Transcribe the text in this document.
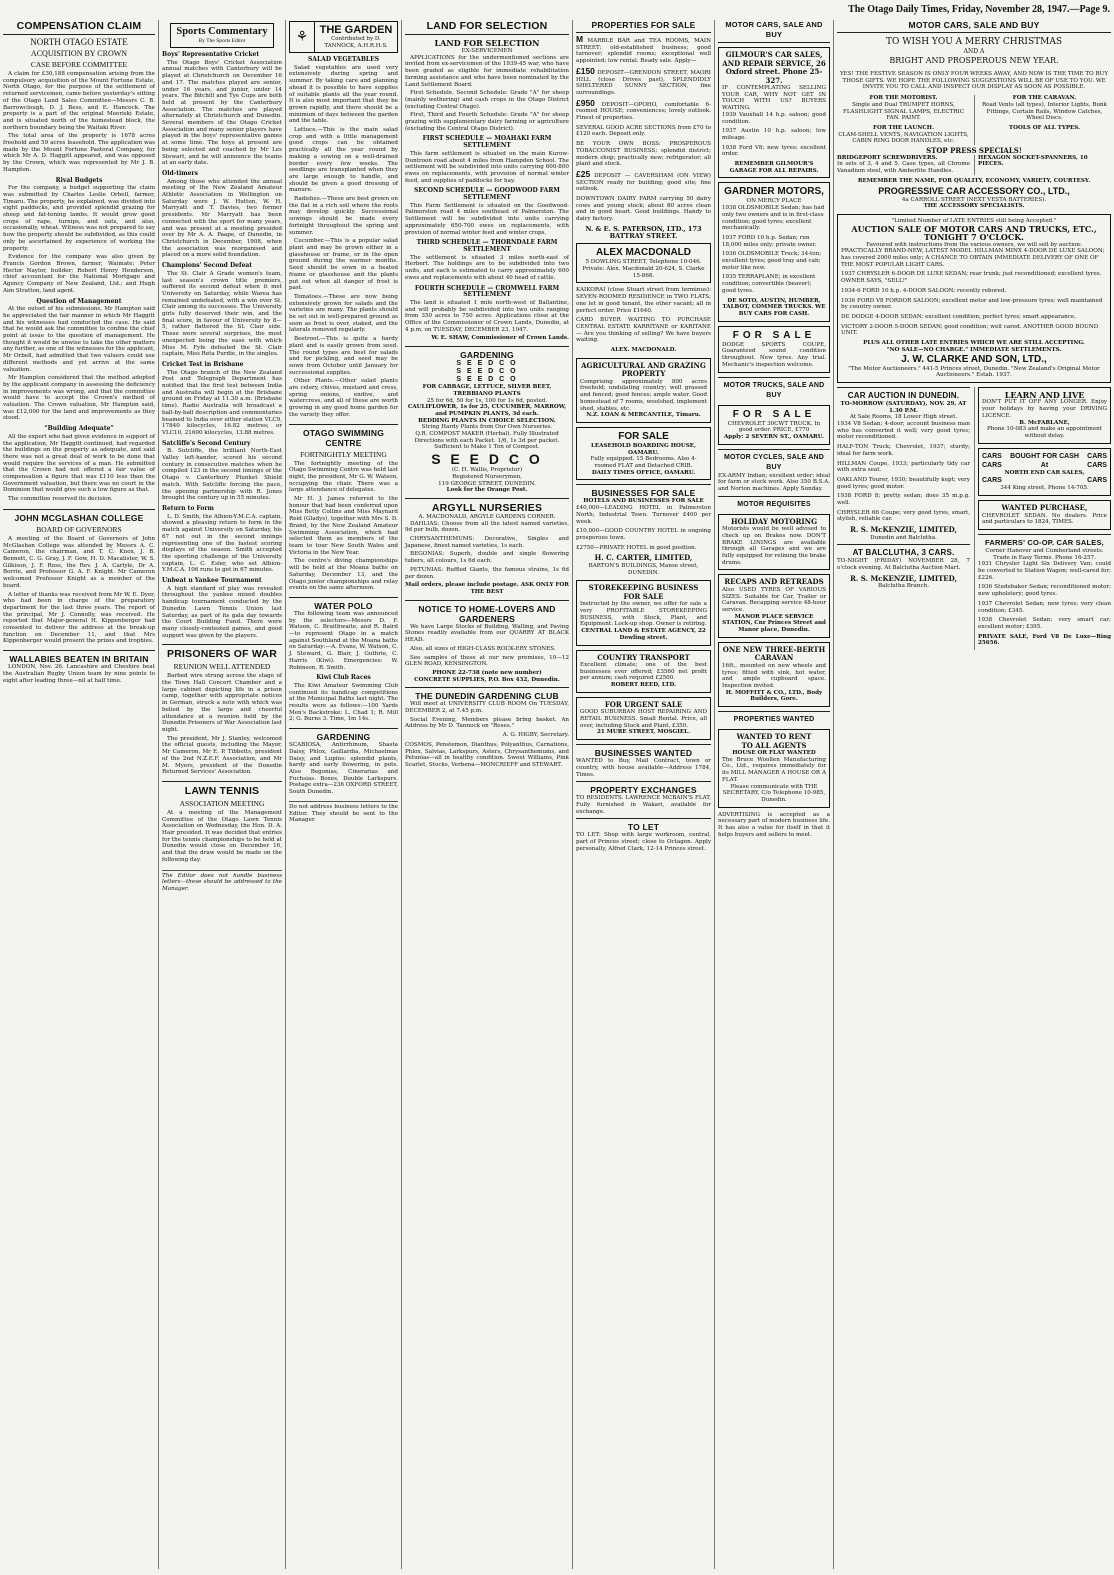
The Otago Daily Times, Friday, November 28, 1947.—Page 9.
COMPENSATION CLAIM
NORTH OTAGO ESTATE
ACQUISITION BY CROWN
CASE BEFORE COMMITTEE

A claim for £30,188 compensation arising from the compulsory acquisition of the Mount Fortune Estate, North Otago, for the purpose of the settlement of returned servicemen, came before yesterday's sitting of the Otago Land Sales Committee—Messrs C. B. Barrowclough, D. J. Bess, and E. Hancock. The property is a part of the original Meeriski Estate, and is situated north of the homestead block, the northern boundary being the Waitaki River.

The total area of the property is 1678 acres freehold and 59 acres leasehold. The application was made by the Mount Fortune Pastoral Company, for which Mr A. D. Haggitt appeared, and was opposed by the Crown, which was represented by Mr J. B. Hampton.

Rival Budgets

For the company, a budget supporting the claim was submitted by Charles Leslie Orbell, farmer, Timaru. The property, he explained, was divided into eight paddocks, and provided splendid grazing for sheep and fat-tening lambs. It would grow good crops of rape, turnips, and oats, and also, occasionally, wheat. Witness was not prepared to say how the property should be subdivided, as this could only be ascertained by experience of working the property.

Evidence for the company was also given by Francis Gordon Brown, farmer, Waimate; Peter Hector Naylor, builder; Robert Henry Henderson, chief accountant for the National Mortgage and Agency Company of New Zealand, Ltd.; and Hugh Aim Stratton, land agent.

Question of Management

At the outset of his submissions, Mr Hampton said he appreciated the fair manner in which Mr Haggitt and his witnesses had conducted the case. He said that he would ask the committee to confine the chief point at issue to the question of management. He thought it would be unwise to take the other matters any further, as one of the witnesses for the applicant, Mr Orbell, had admitted that two valuers could use different methods and yet arrive at the same valuation.

Mr Hampton considered that the method adopted by the applicant company in assessing the deficiency in improvements was wrong, and that the committee would have to accept the Crown's method of valuation. The Crown valuation, Mr Hampton said, was £12,000 for the land and improvements as they stood.

“Building Adequate”

All the expert who had given evidence in support of the application, Mr Haggitt continued, had regarded the buildings on the property as adequate, and said there was not a great deal of work to be done that would require the services of a man. He submitted that the Crown had not offered a fair value of compensation a figure that was £110 less than the Government valuation, but there was no court in the Dominion that would give such a low figure as that.

The committee reserved its decision.

JOHN MCGLASHAN COLLEGE
BOARD OF GOVERNORS

A meeting of the Board of Governors of John McGlashan College was attended by Messrs A. C. Cameron, the chairman, and T. C. Knox, J. B. Bennett, C. G. Gray, J. F. Gow, H. D. Macalister, W. S. Gilkison, J. F. Ross, the Rev. J. A. Carlyle, Dr A. Borrie, and Professor G. A. F. Knight. Mr Cameron welcomed Professor Knight as a member of the board.

A letter of thanks was received from Mr W. E. Dyer, who had been in charge of the preparatory department for the last three years. The report of the principal, Mr J. Connolly, was received. He reported that Major-general H. Kippenberger had consented to deliver the address at the break-up function on December 11, and that Mrs Kippenberger would present the prizes and trophies.

WALLABIES BEATEN IN BRITAIN

LONDON, Nov. 26. Lancashire and Cheshire beat the Australian Rugby Union team by nine points to eight after leading three—nil at half time.

Sports Commentary
By The Sports Editor
Boys' Representative Cricket

The Otago Boys' Cricket Association annual matches with Canterbury will be played at Christchurch on December 16 and 17. The matches played are senior, under 16 years, and junior, under 14 years. The Bitchill and Tye Cups are both held at present by the Canterbury Association. The matches are played alternately at Christchurch and Dunedin. Several members of the Otago Cricket Association and many senior players have played in the boys' representative games at some time. The boys at present are being selected and coached by Mr Les Stewart, and he will announce the teams at an early date.

Old-timers

Among those who attended the annual meeting of the New Zealand Amateur Athletic Association in Wellington on Saturday were J. W. Hutton, W. H. Marryatt and T. Davies, two former presidents. Mr Marryatt has been connected with the sport for many years, and was present at a meeting presided over by Mr A. A. Paape, of Dunedin, in Christchurch in December, 1908, when the association was reorganised and placed on a more solid foundation.

Champions' Second Defeat

The St. Clair A Grade women's team, last season's crown title premiers, suffered its second defeat when it met University on Saturday, while Warea has remained undefeated, with a win over St. Clair among its successes. The University girls fully deserved their win, and the final score, in favour of University by 8—5, rather flattered the St. Clair side. These were several surprises, the most unexpected being the ease with which Miss M. Fyfe defeated the St. Clair captain, Miss Reta Purdie, in the singles.

Cricket Test in Brisbane

The Otago branch of the New Zealand Post and Telegraph Department has notified that the first test between India and Australia will begin at the Brisbane ground on Friday at 11.30 a.m. (Brisbane time). Radio Australia will broadcast a ball-by-ball description and commentaries beamed to India over either station VLC9, 17840 kilocycles, 16.82 metres; or VLC10, 21600 kilocycles, 13.88 metres.

Satcliffe's Second Century

B. Sutcliffe, the brilliant North-East Valley left-hander, scored his second century in consecutive matches when he compiled 123 in the second innings of the Otago v. Canterbury Plunket Shield match. With Sutcliffe forcing the pace, the opening partnership with R. Jones brought the century up in 55 minutes.

Return to Form

L. D. Smith, the Albion-Y.M.C.A. captain, showed a pleasing return to form in the match against University on Saturday, his 67 not out in the second innings representing one of the fastest scoring displays of the season. Smith accepted the sporting challenge of the University captain, L. C. Esler, who set Albion-Y.M.C.A. 106 runs to get in 67 minutes.

Unbeat n Yankee Tournament

A high standard of play was revealed throughout the yankee mixed doubles handicap tournament conducted by the Dunedin Lawn Tennis Union last Saturday, as part of its gala day towards the Court Building Fund. There were many closely-contested games, and good support was given by the players.

PRISONERS OF WAR
REUNION WELL ATTENDED

Barbed wire strung across the stage of the Town Hall Concert Chamber and a large cabinet depicting life in a prison camp, together with appropriate notices in German, struck a note with which was belied by the large and cheerful attendance at a reunion held by the Dunedin Prisoners of War Association last night.

The president, Mr J. Stanley, welcomed the official guests, including the Mayor, Mr Cameron, Mr E. P. Tibbetts, president of the 2nd N.Z.E.F. Association, and Mr M. Myers, president of the Dunedin Returned Services' Association.

LAWN TENNIS
ASSOCIATION MEETING

At a meeting of the Management Committee of the Otago Lawn Tennis Association on Wednesday, the Hon. D. A. Hair presided. It was decided that entries for the tennis championships to be held at Dunedin would close on December 16, and that the draw would be made on the following day.

The Editor does not handle business letters—these should be addressed to the Manager.
⚘	THE GARDEN
Contributed by D. TANNOCK, A.H.R.H.S.
SALAD VEGETABLES

Salad vegetables are used very extensively during spring and summer. By taking care and planning ahead it is possible to have supplies of suitable plants all the year round. It is also most important that they be grown rapidly, and there should be a minimum of days between the garden and the table.

Lettuce.—This is the main salad crop and with a little management good crops can be obtained practically all the year round by making a sowing on a well-drained border every few weeks. The seedlings are transplanted when they are large enough to handle, and should be given a good dressing of manure.

Radishes.—These are best grown on the flat in a rich soil where the roots may develop quickly. Successional sowings should be made every fortnight throughout the spring and summer.

Cucumber.—This is a popular salad plant and may be grown either in a glasshouse or frame, or in the open ground during the warmer months. Seed should be sown in a heated frame or glasshouse and the plants put out when all danger of frost is past.

Tomatoes.—These are now being extensively grown for salads and the varieties are many. The plants should be set out in well-prepared ground as soon as frost is over, staked, and the laterals removed regularly.

Beetroot.—This is quite a hardy plant and is easily grown from seed. The round types are best for salads and for pickling, and seed may be sown from October until January for successional supplies.

Other Plants.—Other salad plants are celery, chives, mustard and cress, spring onions, endive, and watercress, and all of these are worth growing in any good home garden for the variety they offer.

OTAGO SWIMMING CENTRE
FORTNIGHTLY MEETING

The fortnightly meeting of the Otago Swimming Centre was held last night, the president, Mr G. W. Watson, occupying the chair. There was a large attendance of delegates.

Mr H. J. James referred to the honour that had been conferred upon Miss Betty Collins and Miss Maynard Reid (Gladys), together with Mrs S. D. Brand, by the New Zealand Amateur Swimming Association, which had selected them as members of the team to tour New South Wales and Victoria in the New Year.

The centre's diving championships will be held at the Moana baths on Saturday, December 13, and the Otago junior championships and relay events on the same afternoon.

WATER POLO

The following team was announced by the selectors—Messrs D. F. Watson, C. Braithwaite, and R. Baird—to represent Otago in a match against Southland at the Moana baths on Saturday:—A. Evans, W. Watson, C. J. Steward, G. Blair, J. Guthrie, C. Harris (Kiwi). Emergencies: W. Robinson, R. Smith.

Kiwi Club Races

The Kiwi Amateur Swimming Club continued its handicap competitions at the Municipal Baths last night. The results were as follows:—100 Yards Men's Backstroke: L. Chad 1; R. Mill 2; G. Burns 3. Time, 1m 14s.

GARDENING
SCABIOSA, Antirrhinum, Shasta Daisy, Phlox, Gaillardia, Michaelmas Daisy, and Lupins: splendid plants, hardy and early flowering, in pots. Also Begonias, Cinerarias and Fuchsias. Boxes, Double Larkspurs. Postage extra—236 OXFORD STREET, South Dunedin.
Do not address business letters to the Editor. They should be sent to the Manager.
LAND FOR SELECTION
LAND FOR SELECTION
EX-SERVICEMEN

APPLICATIONS for the undermentioned sections are invited from ex-servicemen of the 1939-45 war, who have been graded as eligible for immediate rehabilitation farming assistance and who have been nominated by the Land Settlement Board.

First Schedule, Second Schedule: Grade "A" for sheep (mainly wethering) and cash crops in the Otago District (excluding Central Otago).

First, Third and Fourth Schedule: Grade "A" for sheep grazing with supplementary dairy farming or agriculture (excluding the Central Otago District).

FIRST SCHEDULE — MOAHAKI FARM SETTLEMENT

This farm settlement is situated on the main Kurow-Duntroon road about 4 miles from Hampden School. The settlement will be subdivided into units carrying 600-800 ewes on replacements, with provision of normal winter feed, and supplies of paddocks for hay.

SECOND SCHEDULE — GOODWOOD FARM SETTLEMENT

This Farm Settlement is situated on the Goodwood-Palmerston road 4 miles southeast of Palmerston. The Settlement will be subdivided into units carrying approximately 650-700 ewes on replacements, with provision of normal winter feed and winter crops.

THIRD SCHEDULE — THORNDALE FARM SETTLEMENT

The settlement is situated 3 miles north-east of Herbert. The holdings are to be subdivided into two units, and each is estimated to carry approximately 600 ewes and replacements with about 40 head of cattle.

FOURTH SCHEDULE — CROMWELL FARM SETTLEMENT

The land is situated 1 mile north-west of Ballantine, and will probably be subdivided into two units ranging from 350 acres to 750 acres. Applications close at the Office of the Commissioner of Crown Lands, Dunedin, at 4 p.m. on TUESDAY, DECEMBER 23, 1947.

W. E. SHAW, Commissioner of Crown Lands.
GARDENING
S E E D C O
S E E D C O
S E E D C O
FOR CABBAGE, LETTUCE, SILVER BEET, TREBBIANO PLANTS
25 for 6d, 50 for 1s, 100 for 1s 6d, posted.
CAULIFLOWER, 1s for 25, CUCUMBER, MARROW, and PUMPKIN PLANTS, 3d each.
BEDDING PLANTS IN CHOICE SELECTION.
String Hardy Plants from Our Own Nurseries.
Q.R. COMPOST MAKER (Herbal). Fully Illustrated Directions with each Packet. 1/6, 1s 3d per packet.
Sufficient to Make 1 Ton of Compost.
S E E D C O
(C. H. Wallis, Proprietor)
Registered Nurserymen,
119 GEORGE STREET, DUNEDIN.
Look for the Orange Post.
ARGYLL NURSERIES
A. MACDONALD, ARGYLE GARDENS CORNER.

DAHLIAS: Choose from all the latest named varieties, 9d per bulb, dozen.

CHRYSANTHEMUMS: Decorative, Singles and Japanese, finest named varieties, 1s each.

BEGONIAS: Superb, double and single flowering tubers, all colours, 1s 6d each.

PETUNIAS: Ruffled Giants, the famous strains, 1s 6d per dozen.

Mail orders, please include postage. ASK ONLY FOR THE BEST
NOTICE TO HOME-LOVERS AND GARDENERS

We have Large Stocks of Building, Walling, and Paving Stones readily available from our QUARRY AT BLACK HEAD.

Also, all sizes of HIGH-CLASS ROCK-ERY STONES.

See samples of these at our new premises, 10—12 GLEN ROAD, KENSINGTON.

PHONE 22-738 (note new number)
CONCRETE SUPPLIES, P.O. Box 432, Dunedin.
THE DUNEDIN GARDENING CLUB

Will meet at UNIVERSITY CLUB ROOM On TUESDAY, DECEMBER 2, at 7.45 p.m.

Social Evening, Members please bring basket. An Address by Mr D. Tannock on "Roses."

A. G. HIGBY, Secretary.
COSMOS, Penstemon, Dianthus, Polyanthus, Carnations, Phlox, Salvias, Larkspurs, Asters, Chrysanthemums, and Petunias—all in healthy condition. Sweet Williams, Pink Scarlet, Stocks, Verbena—MONCRIEFF and STEWART.
PROPERTIES FOR SALE
M MARBLE BAR and TEA ROOMS, MAIN STREET; old-established business; good turnover; splendid rooms; exceptional well appointed; low rental. Ready sale. Apply—
£150 DEPOSIT—GRENDON STREET, MAORI HILL (close Drives past), SPLENDIDLY SHELTERED SUNNY SECTION, fine surroundings.
£950 DEPOSIT—OPOHO, comfortable 6-roomed HOUSE; conveniences; lovely outlook. Finest of properties.
SEVERAL GOOD ACRE SECTIONS from £70 to £120 each. Deposit only.
BE YOUR OWN BOSS: PROSPEROUS TOBACCONIST BUSINESS; splendid district; modern shop; practically new; refrigerator; all plant and stock.
£25 DEPOSIT — CAVERSHAM (ON VIEW) SECTION ready for building; good site; fine outlook.
DOWNTOWN DAIRY FARM carrying 50 dairy cows and young stock; about 80 acres clean and in good heart. Good buildings. Handy to dairy factory.
N. & E. S. PATERSON, LTD., 173 BATTRAY STREET.
ALEX MACDONALD
5 DOWLING STREET, Telephone 10-046.
Private: Alex. Macdonald 20-624, S. Clarke 15-868.
KAIKORAI (close Stuart street from terminus): SEVEN-ROOMED RESIDENCE in TWO FLATS; one let in good tenant, the other vacant; all in perfect order. Price £1640.
CARD BUYER WAITING TO PURCHASE CENTRAL ESTATE KARRITANE or KARITANE — Are you thinking of selling? We have buyers waiting.
ALEX. MACDONALD.
AGRICULTURAL AND GRAZING PROPERTY
Comprising approximately 800 acres freehold; undulating country; well grassed and fenced; good fences; ample water. Good homestead of 7 rooms, woolshed, implement shed, stables, etc.
N.Z. LOAN & MERCANTILE, Timaru.
FOR SALE
LEASEHOLD BOARDING HOUSE, OAMARU.
Fully equipped. 15 Bedrooms. Also 4-roomed FLAT and Detached CRIB.
DAILY TIMES OFFICE, OAMARU.
BUSINESSES FOR SALE
HOTELS AND BUSINESSES FOR SALE
£40,000—LEADING HOTEL in Palmerston North; Industrial Town. Turnover £400 per week.
£10,000—GOOD COUNTRY HOTEL in ongoing prosperous town.
£2750—PRIVATE HOTEL in good position.
H. C. CARTER, LIMITED,
BARTON'S BUILDINGS, Manse street, DUNEDIN.
STOREKEEPING BUSINESS FOR SALE
Instructed by the owner, we offer for sale a very PROFITABLE STOREKEEPING BUSINESS, with Stock, Plant, and Equipment. Lock-up shop. Owner is retiring.
CENTRAL LAND & ESTATE AGENCY, 22 Dowling street.
COUNTRY TRANSPORT
Excellent climate; one of the best businesses ever offered; £3560 net profit per annum; cash required £2500.
ROBERT REED, LTD.
FOR URGENT SALE
GOOD SUBURBAN HOST REPAIRING AND RETAIL BUSINESS. Small Rental. Price, all over, including Stock and Plant, £350.
21 MURE STREET, MOSGIEL.
BUSINESSES WANTED
WANTED to Buy, Mail Contract, town or country, with house available—Address 1784, Times.
PROPERTY EXCHANGES
TO RESIDENTS. LAWRENCE MCBAIN'S FLAT, Fully furnished in Wakari, available for exchange.
TO LET
TO LET: Shop with large workroom, central, part of Princes street; close to Octagon. Apply personally, Alfred Clark, 12-14 Princes street.
MOTOR CARS, SALE AND BUY
GILMOUR'S CAR SALES, AND REPAIR SERVICE, 26 Oxford street. Phone 25-327.
IF CONTEMPLATING SELLING YOUR CAR, WHY NOT GET IN TOUCH WITH US? BUYERS WAITING.
1939 Vauxhall 14 h.p. saloon; good condition.
1937 Austin 10 h.p. saloon; low mileage.
1938 Ford V8; new tyres; excellent order.
REMEMBER GILMOUR'S GARAGE FOR ALL REPAIRS.
GARDNER MOTORS,
ON MERCY PLACE
1938 OLDSMOBILE Sedan; has had only two owners and is in first-class condition; good tyres; excellent mechanically.
1937 FORD 10 h.p. Sedan; run 18,000 miles only; private owner.
1936 OLDSMOBILE Truck; 34-ton; excellent tyres; good tray and cab; motor like new.
1935 TERRAPLANE; in excellent condition; convertible (beaver); good tyres.
DE SOTO, AUSTIN, HUMBER, TALBOT, COMMER TRUCKS. WE BUY CARS FOR CASH.
FOR SALE
DODGE SPORTS COUPE, Guaranteed sound condition throughout. New tyres. Any trial. Mechanic's inspection welcome.
MOTOR TRUCKS, SALE AND BUY
FOR SALE
CHEVROLET 30CWT TRUCK. In good order. PRICE, £770
Apply: 2 SEVERN ST., OAMARU.
MOTOR CYCLES, SALE AND BUY
EX-ARMY Indian; excellent order; ideal for farm or stock work. Also 350 B.S.A. and Norton machines. Apply Sunday.
MOTOR REQUISITES
HOLIDAY MOTORING
Motorists would be well advised to check up on Brakes now. DON'T BRAKE LININGS are available through all Garages and we are fully equipped for relining the brake drums.
RECAPS AND RETREADS
Also USED TYRES OF VARIOUS SIZES. Suitable for Car, Trailer or Caravan. Recapping service 48-hour service.
MANOR PLACE SERVICE STATION, Cnr Princes Street and Manor place, Dunedin.
ONE NEW THREE-BERTH CARAVAN
16ft., mounted on new wheels and tyres; fitted with sink, hot water, and ample cupboard space. Inspection invited.
H. MOFFITT & CO., LTD., Body Builders, Gore.
PROPERTIES WANTED
WANTED TO RENT
TO ALL AGENTS
HOUSE OR FLAT WANTED
The Bruce Woollen Manufacturing Co., Ltd., requires immediately for its MILL MANAGER A HOUSE OR A FLAT.
Please communicate with THE SECRETARY, C/o Telephone 10-985, Dunedin.
ADVERTISING is accepted as a necessary part of modern business life. It has also a value for itself in that it helps buyers and sellers to meet.
MOTOR CARS, SALE AND BUY
TO WISH YOU A MERRY CHRISTMAS
AND A
BRIGHT AND PROSPEROUS NEW YEAR.
YES! THE FESTIVE SEASON IS ONLY FOUR WEEKS AWAY, AND NOW IS THE TIME TO BUY THOSE GIFTS. WE HOPE THE FOLLOWING SUGGESTIONS WILL BE OF USE TO YOU. WE INVITE YOU TO CALL AND INSPECT OUR DISPLAY AS SOON AS POSSIBLE.
FOR THE MOTORIST.
Single and Dual TRUMPET HORNS, FLASHLIGHT SIGNAL LAMPS, ELECTRIC FAN. PAINT.
FOR THE LAUNCH.
CLAM-SHELL VENTS, NAVIGATION LIGHTS, CABIN RING DOOR HANDLES, etc.
FOR THE CARAVAN.
Road Vents (all types), Interior Lights, Bunk Fittings, Curtain Rails, Window Catches, Wheel Discs.
TOOLS OF ALL TYPES.
STOP PRESS SPECIALS!
BRIDGEPORT SCREWDRIVERS.
In sets of 3, 4 and 5. Case types, all Chrome Vanadium steel, with Amberlite Handles.
HEXAGON SOCKET-SPANNERS, 10 PIECES.
REMEMBER THE NAME, FOR QUALITY, ECONOMY, VARIETY, COURTESY.
PROGRESSIVE CAR ACCESSORY CO., LTD.,
4a CARROLL STREET (NEXT VESTA BATTERIES).
THE ACCESSORY SPECIALISTS.
"Limited Number of LATE ENTRIES still being Accepted."
AUCTION SALE OF MOTOR CARS AND TRUCKS, ETC., TONIGHT 7 O'CLOCK.
Favoured with instructions from the various owners, we will sell by auction:
PRACTICALLY BRAND-NEW, LATEST MODEL HILLMAN MINX 4-DOOR DE LUXE SALOON; has covered 2000 miles only; A CHANCE TO OBTAIN IMMEDIATE DELIVERY OF ONE OF THE MOST POPULAR LIGHT CARS.
1937 CHRYSLER 6-DOOR DE LUXE SEDAN; rear trunk; just reconditioned; excellent tyres. OWNER SAYS, "SELL!"
1934-6 FORD 10 h.p. 4-DOOR SALOON; recently rebored.
1936 FORD V8 FORDOR SALOON; excellent motor and low-pressure tyres; well maintained by country owner.
DE DODGE 4-DOOR SEDAN; excellent condition; perfect tyres; smart appearance.
VICTORY 2-DOOR 5-DOOR SEDAN; good condition; well cared. ANOTHER GOOD BOUND UNIT.
PLUS ALL OTHER LATE ENTRIES WHICH WE ARE STILL ACCEPTING.
"NO SALE—NO CHARGE." IMMEDIATE SETTLEMENTS.
J. W. CLARKE AND SON, LTD.,
"The Motor Auctioneers." 441-5 Princes street, Dunedin. "New Zealand's Original Motor Auctioneers." Estab. 1937.
CAR AUCTION IN DUNEDIN.
TO-MORROW (SATURDAY), NOV. 29, AT 1.30 P.M.
At Sale Rooms, 18 Lower High street.
1934 V8 Sedan; 4-door; account business man who has converted it well; very good tyres; motor reconditioned.
HALF-TON Truck; Chevrolet, 1937; sturdy; ideal for farm work.
HILLMAN Coupe, 1933; particularly tidy car with extra seat.
OAKLAND Tourer, 1930; beautifully kept; very good tyres; good motor.
1938 FORD 8; pretty sedan; does 35 m.p.g. well.
CHRYSLER 66 Coupe; very good tyres, smart, stylish, reliable car.
R. S. McKENZIE, LIMITED,
Dunedin and Balclutha.
AT BALCLUTHA, 3 CARS.
TO-NIGHT (FRIDAY) NOVEMBER 28, 7 o'clock evening. At Balclutha Auction Mart.
R. S. McKENZIE, LIMITED,
Balclutha Branch.
LEARN AND LIVE
DON'T PUT IT OFF ANY LONGER. Enjoy your holidays by having your DRIVING LICENCE.
B. McFARLANE,
Phone 10-083 and make an appointment without delay.
CARS BOUGHT FOR CASH CARS
CARS	At	CARS
NORTH END CAR SALES,
CARS	CARS
344 King street, Phone 14-705.
WANTED PURCHASE,
CHEVROLET SEDAN. No dealers. Price and particulars to 1824, TIMES.
FARMERS' CO-OP. CAR SALES,
Corner Hanover and Cumberland streets. Trade in Easy Terms. Phone 16-257.
1931 Chrysler Light Six Delivery Van; could be converted to Station Wagon; well-cared for; £226.
1936 Studebaker Sedan; reconditioned motor; new upholstery; good tyres.
1937 Chevrolet Sedan; new tyres; very clean condition; £345.
1938 Chevrolet Sedan; very smart car; excellent motor; £395.
PRIVATE SALE, Ford V8 De Luxe—Ring 25656.
